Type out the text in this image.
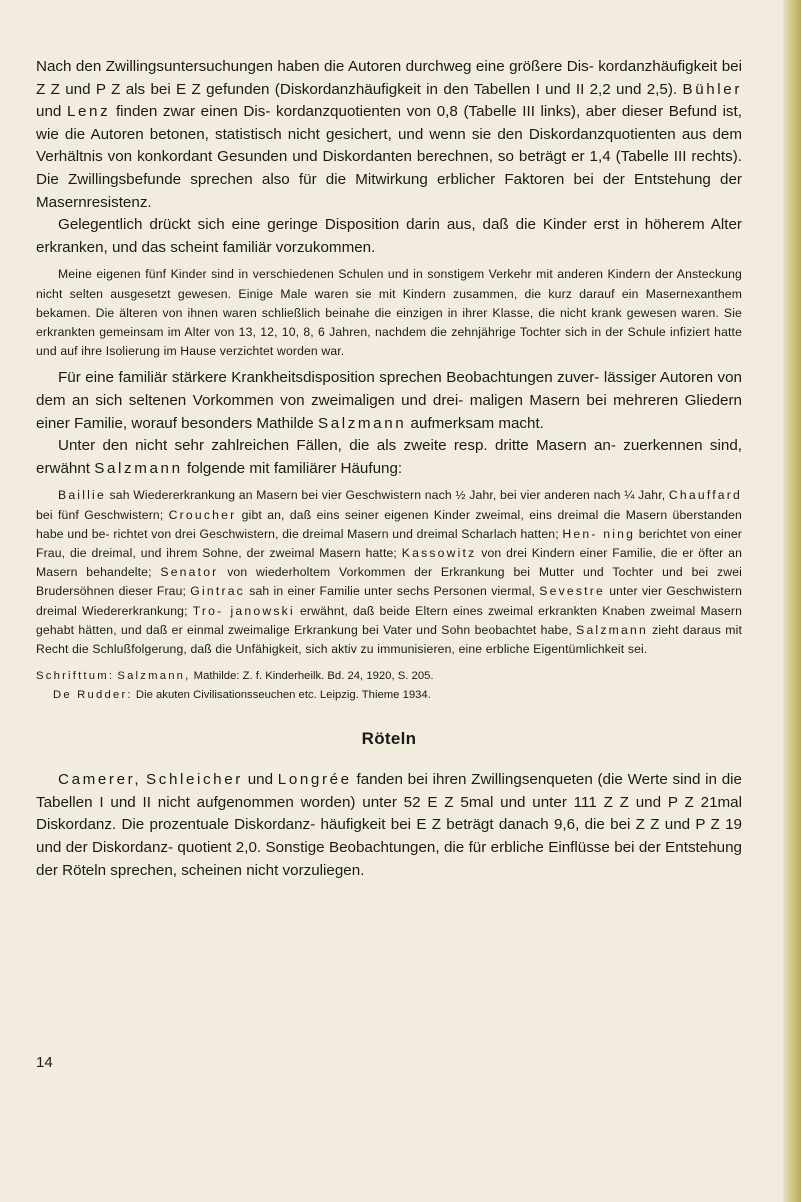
Nach den Zwillingsuntersuchungen haben die Autoren durchweg eine größere Dis- kordanzhäufigkeit bei Z Z und P Z als bei E Z gefunden (Diskordanzhäufigkeit in den Tabellen I und II 2,2 und 2,5). Bühler und Lenz finden zwar einen Dis- kordanzquotienten von 0,8 (Tabelle III links), aber dieser Befund ist, wie die Autoren betonen, statistisch nicht gesichert, und wenn sie den Diskordanzquotienten aus dem Verhältnis von konkordant Gesunden und Diskordanten berechnen, so beträgt er 1,4 (Tabelle III rechts). Die Zwillingsbefunde sprechen also für die Mitwirkung erblicher Faktoren bei der Entstehung der Masernresistenz.

Gelegentlich drückt sich eine geringe Disposition darin aus, daß die Kinder erst in höherem Alter erkranken, und das scheint familiär vorzukommen.

Meine eigenen fünf Kinder sind in verschiedenen Schulen und in sonstigem Verkehr mit anderen Kindern der Ansteckung nicht selten ausgesetzt gewesen. Einige Male waren sie mit Kindern zusammen, die kurz darauf ein Masernexanthem bekamen. Die älteren von ihnen waren schließlich beinahe die einzigen in ihrer Klasse, die nicht krank gewesen waren. Sie erkrankten gemeinsam im Alter von 13, 12, 10, 8, 6 Jahren, nachdem die zehnjährige Tochter sich in der Schule infiziert hatte und auf ihre Isolierung im Hause verzichtet worden war.

Für eine familiär stärkere Krankheitsdisposition sprechen Beobachtungen zuver- lässiger Autoren von dem an sich seltenen Vorkommen von zweimaligen und drei- maligen Masern bei mehreren Gliedern einer Familie, worauf besonders Mathilde Salzmann aufmerksam macht.

Unter den nicht sehr zahlreichen Fällen, die als zweite resp. dritte Masern an- zuerkennen sind, erwähnt Salzmann folgende mit familiärer Häufung:

Baillie sah Wiedererkrankung an Masern bei vier Geschwistern nach ½ Jahr, bei vier anderen nach ¼ Jahr, Chauffard bei fünf Geschwistern; Croucher gibt an, daß eins seiner eigenen Kinder zweimal, eins dreimal die Masern überstanden habe und be- richtet von drei Geschwistern, die dreimal Masern und dreimal Scharlach hatten; Hen- ning berichtet von einer Frau, die dreimal, und ihrem Sohne, der zweimal Masern hatte; Kassowitz von drei Kindern einer Familie, die er öfter an Masern behandelte; Senator von wiederholtem Vorkommen der Erkrankung bei Mutter und Tochter und bei zwei Brudersöhnen dieser Frau; Gintrac sah in einer Familie unter sechs Personen viermal, Sevestre unter vier Geschwistern dreimal Wiedererkrankung; Tro- janowski erwähnt, daß beide Eltern eines zweimal erkrankten Knaben zweimal Masern gehabt hätten, und daß er einmal zweimalige Erkrankung bei Vater und Sohn beobachtet habe, Salzmann zieht daraus mit Recht die Schlußfolgerung, daß die Unfähigkeit, sich aktiv zu immunisieren, eine erbliche Eigentümlichkeit sei.

Schrifttum: Salzmann, Mathilde: Z. f. Kinderheilk. Bd. 24, 1920, S. 205.
De Rudder: Die akuten Civilisationsseuchen etc. Leipzig. Thieme 1934.
Röteln

Camerer, Schleicher und Longrée fanden bei ihren Zwillingsenqueten (die Werte sind in die Tabellen I und II nicht aufgenommen worden) unter 52 E Z 5mal und unter 111 Z Z und P Z 21mal Diskordanz. Die prozentuale Diskordanz- häufigkeit bei E Z beträgt danach 9,6, die bei Z Z und P Z 19 und der Diskordanz- quotient 2,0. Sonstige Beobachtungen, die für erbliche Einflüsse bei der Entstehung der Röteln sprechen, scheinen nicht vorzuliegen.

14
